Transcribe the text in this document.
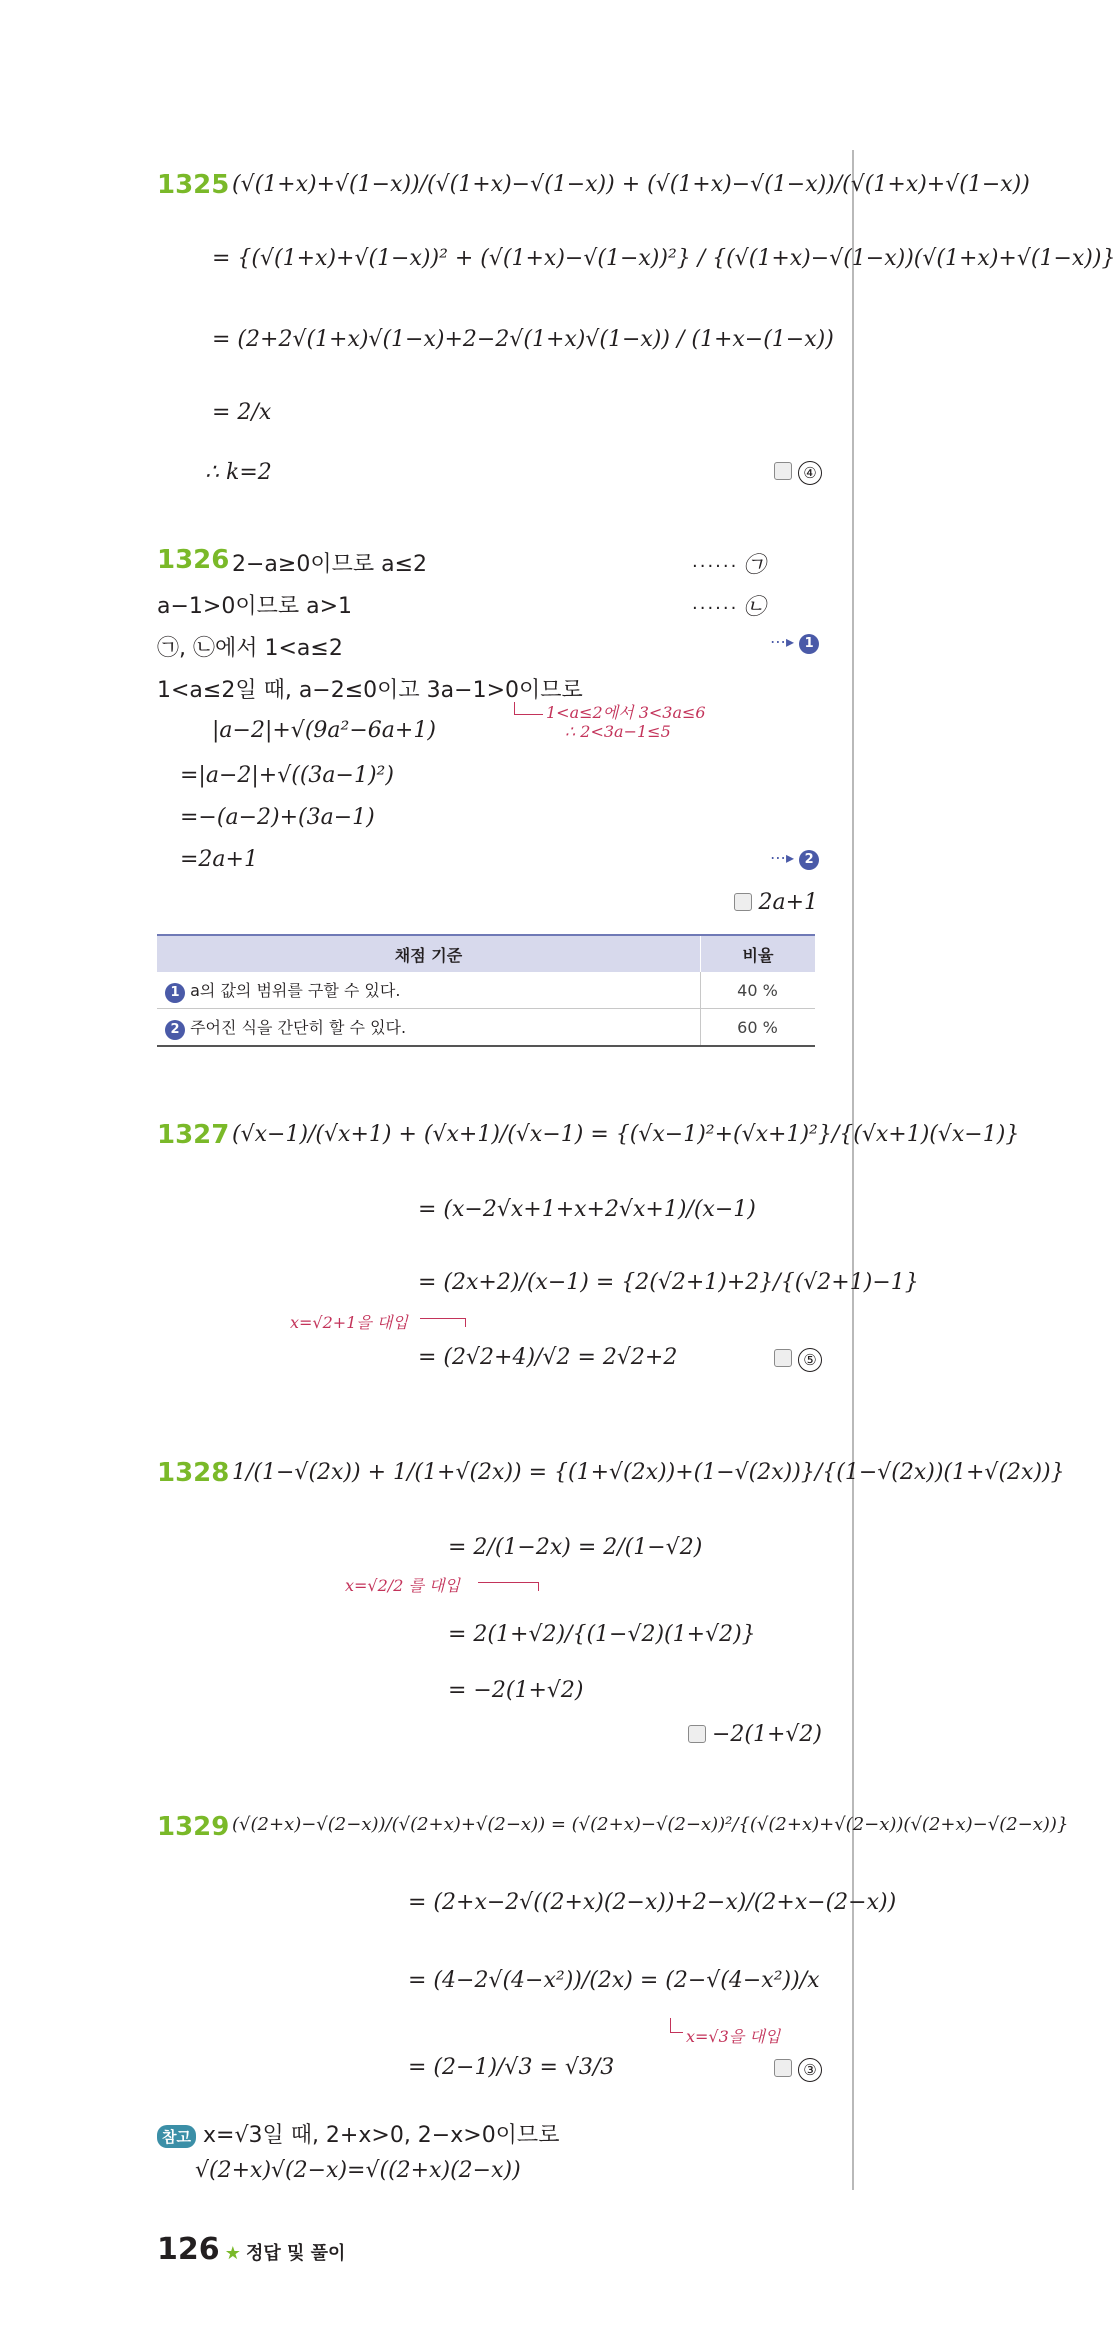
1325 (√(1+x)+√(1−x))/(√(1+x)−√(1−x)) + (√(1+x)−√(1−x))/(√(1+x)+√(1−x))
= {(√(1+x)+√(1−x))² + (√(1+x)−√(1−x))²} / {(√(1+x)−√(1−x))(√(1+x)+√(1−x))}
= (2+2√(1+x)√(1−x)+2−2√(1+x)√(1−x)) / (1+x−(1−x))
= 2/x
∴ k=2	④
1326 2−a≥0이므로 a≤2	······ ㉠
a−1>0이므로 a>1	······ ㉡
㉠, ㉡에서 1<a≤2	⋯▸ 1
1<a≤2일 때, a−2≤0이고 3a−1>0이므로
1<a≤2에서 3<3a≤6
∴ 2<3a−1≤5
|a−2|+√(9a²−6a+1)
=|a−2|+√((3a−1)²)
=−(a−2)+(3a−1)
=2a+1	⋯▸ 2
2a+1
채점 기준	비율
1 a의 값의 범위를 구할 수 있다.	40 %
2 주어진 식을 간단히 할 수 있다.	60 %
1327 (√x−1)/(√x+1) + (√x+1)/(√x−1) = {(√x−1)²+(√x+1)²}/{(√x+1)(√x−1)}
= (x−2√x+1+x+2√x+1)/(x−1)
= (2x+2)/(x−1) = {2(√2+1)+2}/{(√2+1)−1}
x=√2+1을 대입
= (2√2+4)/√2 = 2√2+2	⑤
1328 1/(1−√(2x)) + 1/(1+√(2x)) = {(1+√(2x))+(1−√(2x))}/{(1−√(2x))(1+√(2x))}
= 2/(1−2x) = 2/(1−√2)
x=√2/2 를 대입
= 2(1+√2)/{(1−√2)(1+√2)}
= −2(1+√2)
−2(1+√2)
1329 (√(2+x)−√(2−x))/(√(2+x)+√(2−x)) = (√(2+x)−√(2−x))²/{(√(2+x)+√(2−x))(√(2+x)−√(2−x))}
= (2+x−2√((2+x)(2−x))+2−x)/(2+x−(2−x))
= (4−2√(4−x²))/(2x) = (2−√(4−x²))/x
x=√3을 대입
= (2−1)/√3 = √3/3	③
참고 x=√3일 때, 2+x>0, 2−x>0이므로
√(2+x)√(2−x)=√((2+x)(2−x))
126 ★ 정답 및 풀이
